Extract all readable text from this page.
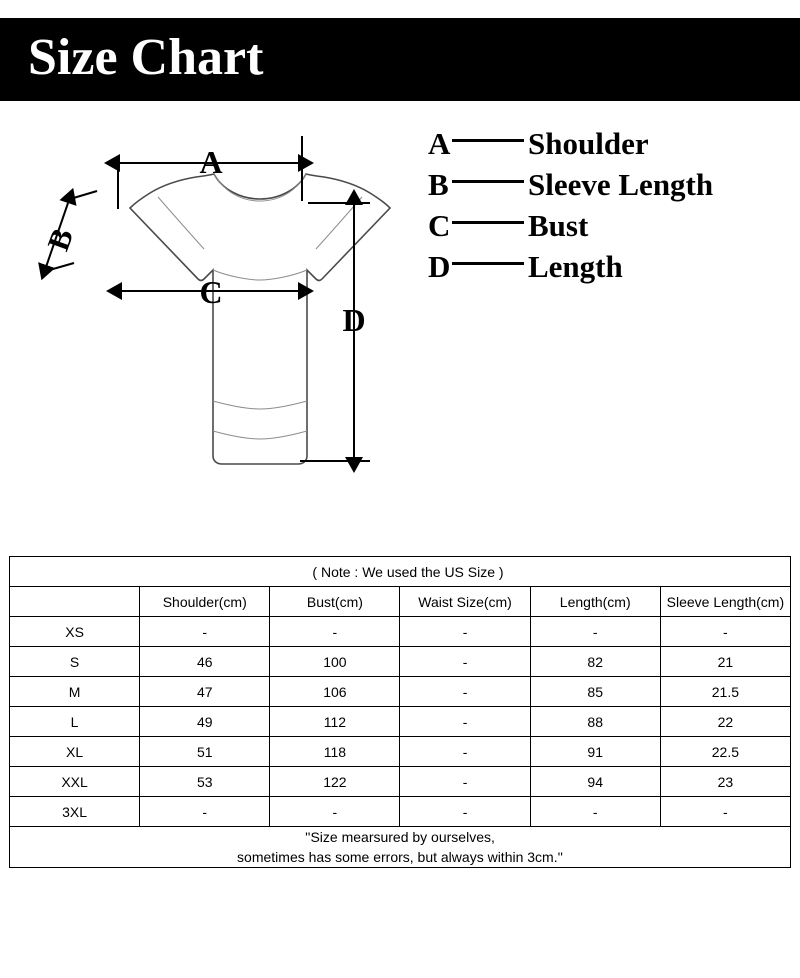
Size Chart
A
B
C
D
A	Shoulder
B	Sleeve Length
C	Bust
D	Length
( Note : We used the US Size )					
	Shoulder(cm)	Bust(cm)	Waist Size(cm)	Length(cm)	Sleeve Length(cm)
XS	-	-	-	-	-
S	46	100	-	82	21
M	47	106	-	85	21.5
L	49	112	-	88	22
XL	51	118	-	91	22.5
XXL	53	122	-	94	23
3XL	-	-	-	-	-

''Size mearsured by ourselves,
sometimes has some errors, but always within 3cm.''					
